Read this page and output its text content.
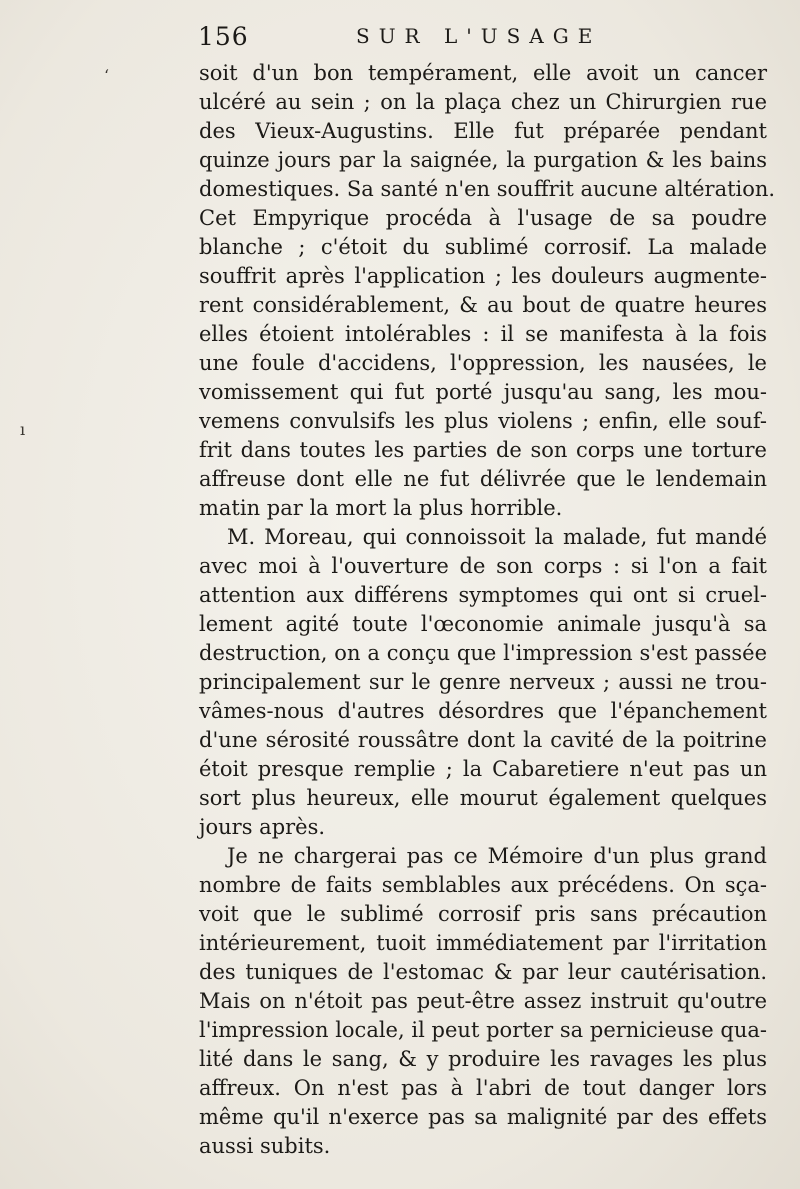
156	SUR L'USAGE
ʻ
ı
soit d'un bon tempérament, elle avoit un cancer
ulcéré au sein ; on la plaça chez un Chirurgien rue
des Vieux-Augustins. Elle fut préparée pendant
quinze jours par la saignée, la purgation & les bains
domestiques. Sa santé n'en souffrit aucune altération.
Cet Empyrique procéda à l'usage de sa poudre
blanche ; c'étoit du sublimé corrosif. La malade
souffrit après l'application ; les douleurs augmente-
rent considérablement, & au bout de quatre heures
elles étoient intolérables : il se manifesta à la fois
une foule d'accidens, l'oppression, les nausées, le
vomissement qui fut porté jusqu'au sang, les mou-
vemens convulsifs les plus violens ; enfin, elle souf-
frit dans toutes les parties de son corps une torture
affreuse dont elle ne fut délivrée que le lendemain
matin par la mort la plus horrible.
M. Moreau, qui connoissoit la malade, fut mandé
avec moi à l'ouverture de son corps : si l'on a fait
attention aux différens symptomes qui ont si cruel-
lement agité toute l'œconomie animale jusqu'à sa
destruction, on a conçu que l'impression s'est passée
principalement sur le genre nerveux ; aussi ne trou-
vâmes-nous d'autres désordres que l'épanchement
d'une sérosité roussâtre dont la cavité de la poitrine
étoit presque remplie ; la Cabaretiere n'eut pas un
sort plus heureux, elle mourut également quelques
jours après.
Je ne chargerai pas ce Mémoire d'un plus grand
nombre de faits semblables aux précédens. On sça-
voit que le sublimé corrosif pris sans précaution
intérieurement, tuoit immédiatement par l'irritation
des tuniques de l'estomac & par leur cautérisation.
Mais on n'étoit pas peut-être assez instruit qu'outre
l'impression locale, il peut porter sa pernicieuse qua-
lité dans le sang, & y produire les ravages les plus
affreux. On n'est pas à l'abri de tout danger lors
même qu'il n'exerce pas sa malignité par des effets
aussi subits.
